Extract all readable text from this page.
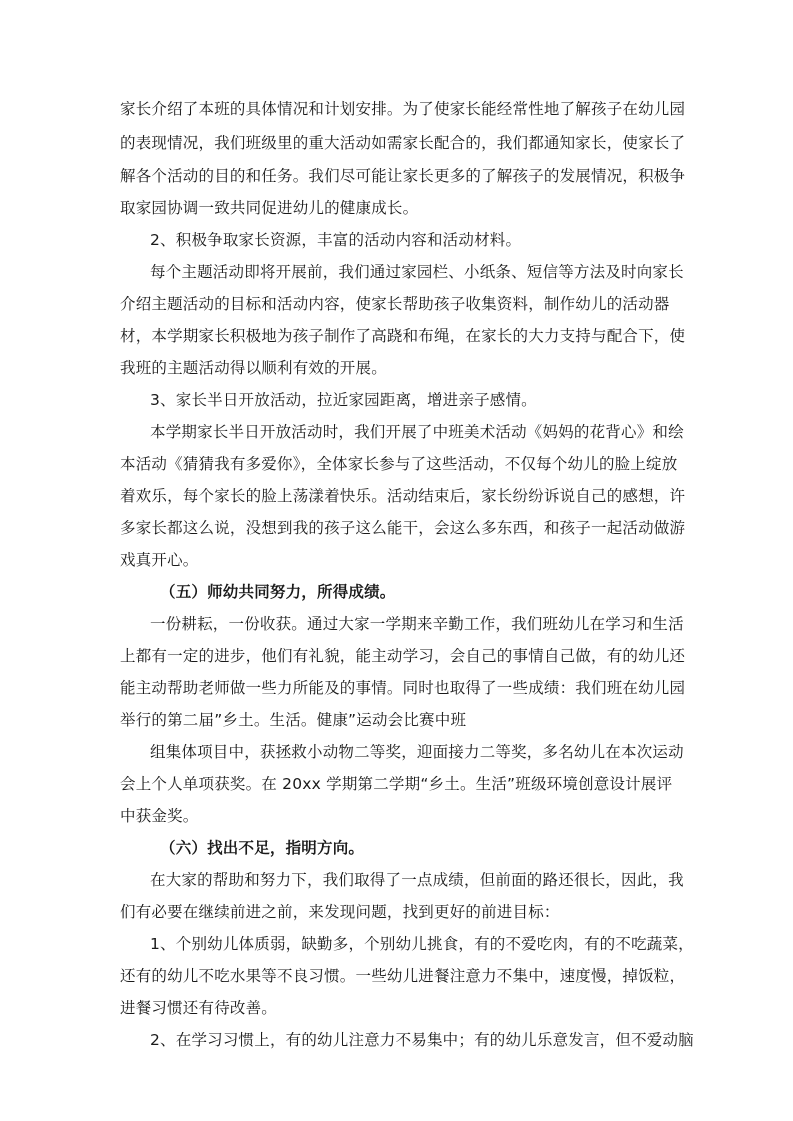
家长介绍了本班的具体情况和计划安排。为了使家长能经常性地了解孩子在幼儿园
的表现情况，我们班级里的重大活动如需家长配合的，我们都通知家长，使家长了
解各个活动的目的和任务。我们尽可能让家长更多的了解孩子的发展情况，积极争
取家园协调一致共同促进幼儿的健康成长。
2、积极争取家长资源，丰富的活动内容和活动材料。
每个主题活动即将开展前，我们通过家园栏、小纸条、短信等方法及时向家长
介绍主题活动的目标和活动内容，使家长帮助孩子收集资料，制作幼儿的活动器
材，本学期家长积极地为孩子制作了高跷和布绳，在家长的大力支持与配合下，使
我班的主题活动得以顺利有效的开展。
3、家长半日开放活动，拉近家园距离，增进亲子感情。
本学期家长半日开放活动时，我们开展了中班美术活动《妈妈的花背心》和绘
本活动《猜猜我有多爱你》，全体家长参与了这些活动，不仅每个幼儿的脸上绽放
着欢乐，每个家长的脸上荡漾着快乐。活动结束后，家长纷纷诉说自己的感想，许
多家长都这么说，没想到我的孩子这么能干，会这么多东西，和孩子一起活动做游
戏真开心。
（五）师幼共同努力，所得成绩。
一份耕耘，一份收获。通过大家一学期来辛勤工作，我们班幼儿在学习和生活
上都有一定的进步，他们有礼貌，能主动学习，会自己的事情自己做，有的幼儿还
能主动帮助老师做一些力所能及的事情。同时也取得了一些成绩：我们班在幼儿园
举行的第二届”乡土。生活。健康”运动会比赛中班
组集体项目中，获拯救小动物二等奖，迎面接力二等奖，多名幼儿在本次运动
会上个人单项获奖。在 20xx 学期第二学期“乡土。生活”班级环境创意设计展评
中获金奖。
（六）找出不足，指明方向。
在大家的帮助和努力下，我们取得了一点成绩，但前面的路还很长，因此，我
们有必要在继续前进之前，来发现问题，找到更好的前进目标：
1、个别幼儿体质弱，缺勤多，个别幼儿挑食，有的不爱吃肉，有的不吃蔬菜，
还有的幼儿不吃水果等不良习惯。一些幼儿进餐注意力不集中，速度慢，掉饭粒，
进餐习惯还有待改善。
2、在学习习惯上，有的幼儿注意力不易集中；有的幼儿乐意发言，但不爱动脑
